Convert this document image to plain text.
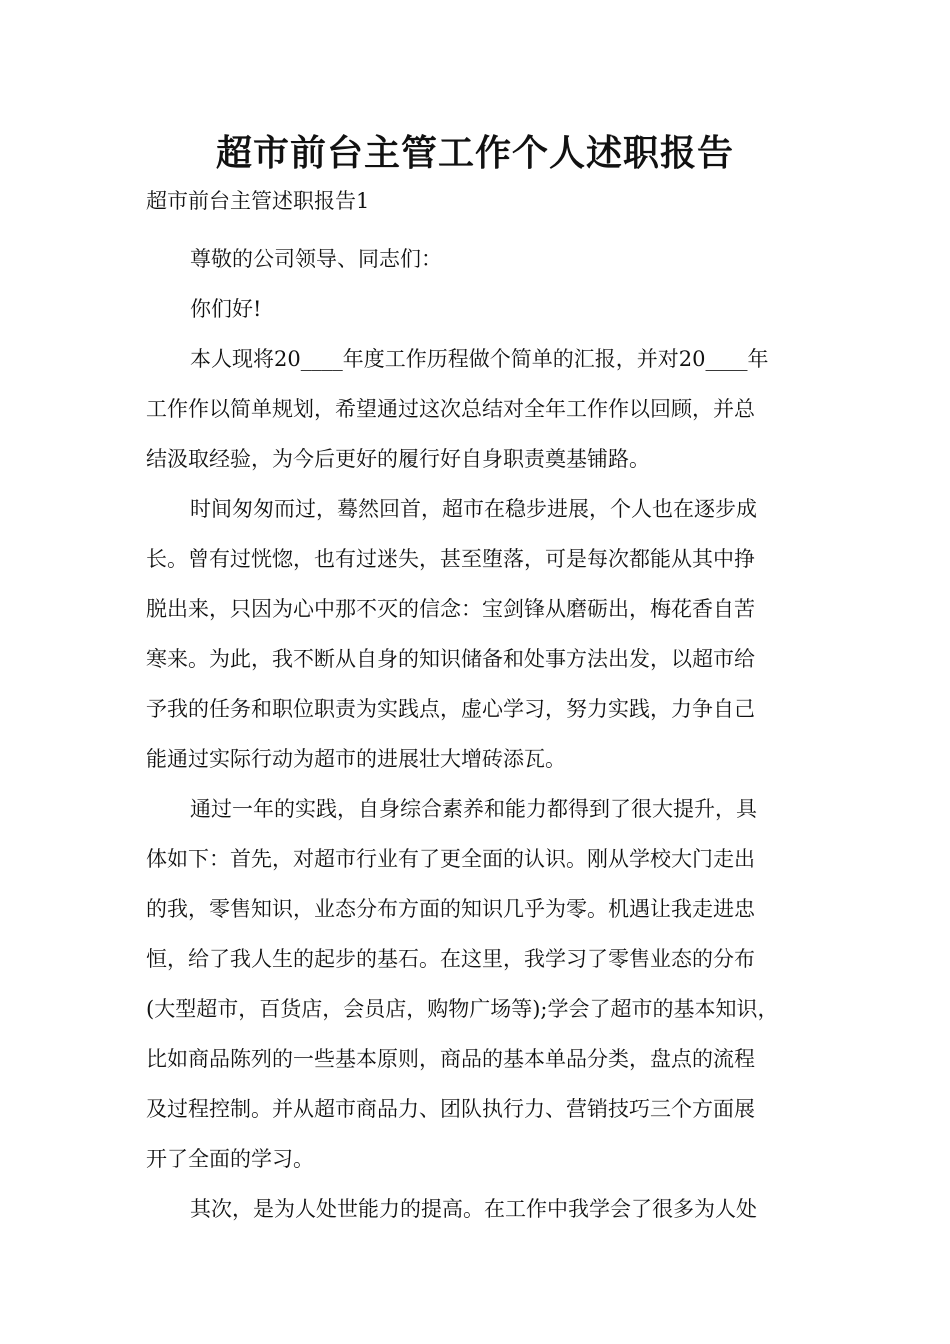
超市前台主管工作个人述职报告
超市前台主管述职报告1
尊敬的公司领导、同志们：
你们好!
本人现将20____年度工作历程做个简单的汇报，并对20____年
工作作以简单规划，希望通过这次总结对全年工作作以回顾，并总
结汲取经验，为今后更好的履行好自身职责奠基铺路。
时间匆匆而过，蓦然回首，超市在稳步进展，个人也在逐步成
长。曾有过恍惚，也有过迷失，甚至堕落，可是每次都能从其中挣
脱出来，只因为心中那不灭的信念：宝剑锋从磨砺出，梅花香自苦
寒来。为此，我不断从自身的知识储备和处事方法出发，以超市给
予我的任务和职位职责为实践点，虚心学习，努力实践，力争自己
能通过实际行动为超市的进展壮大增砖添瓦。
通过一年的实践，自身综合素养和能力都得到了很大提升，具
体如下：首先，对超市行业有了更全面的认识。刚从学校大门走出
的我，零售知识，业态分布方面的知识几乎为零。机遇让我走进忠
恒，给了我人生的起步的基石。在这里，我学习了零售业态的分布
(大型超市，百货店，会员店，购物广场等);学会了超市的基本知识，
比如商品陈列的一些基本原则，商品的基本单品分类，盘点的流程
及过程控制。并从超市商品力、团队执行力、营销技巧三个方面展
开了全面的学习。
其次，是为人处世能力的提高。在工作中我学会了很多为人处
